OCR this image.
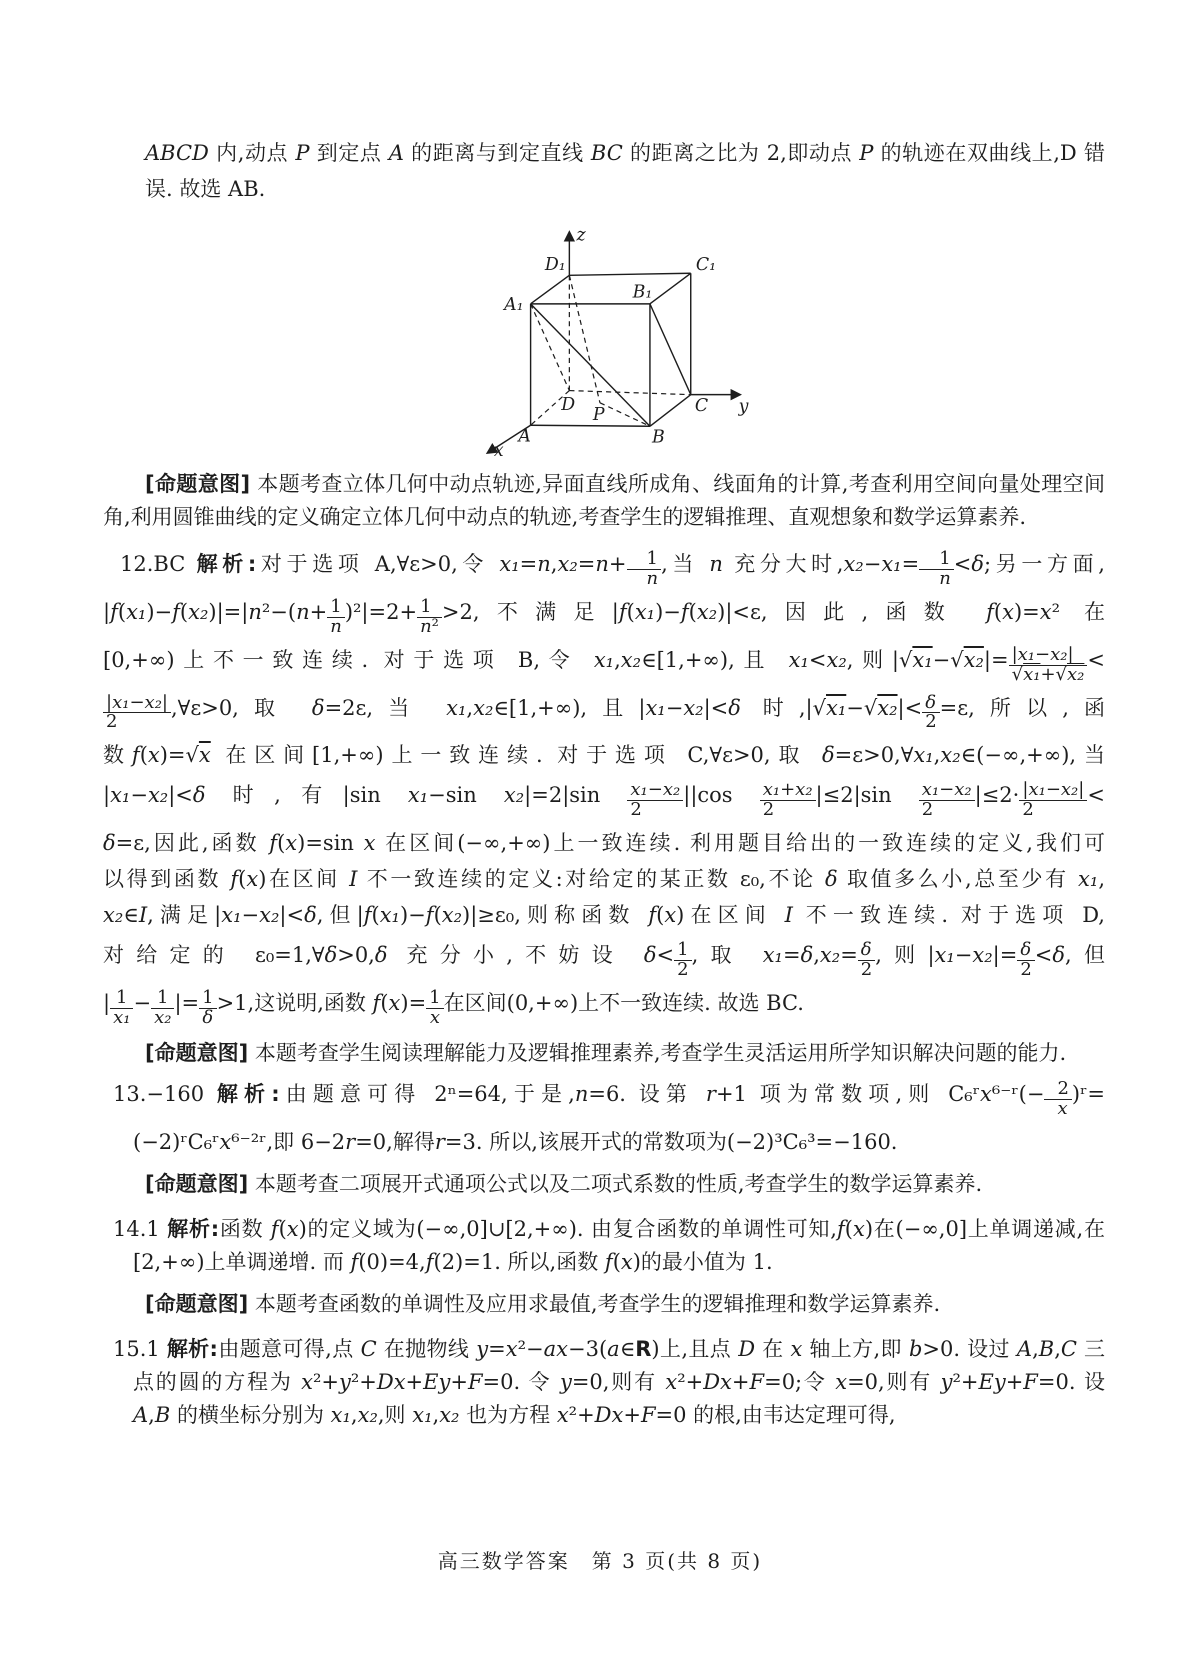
ABCD 内,动点 P 到定点 A 的距离与到定直线 BC 的距离之比为 2,即动点 P 的轨迹在双曲线上,D 错
误. 故选 AB.
A	B
C
D
P
A₁
B₁
C₁
D₁
x
y
z
[命题意图] 本题考查立体几何中动点轨迹,异面直线所成角、线面角的计算,考查利用空间向量处理空间角,利用圆锥曲线的定义确定立体几何中动点的轨迹,考查学生的逻辑推理、直观想象和数学运算素养.
12.BC 解析:对于选项 A,∀ε>0,令 $x_1=n,x_2=n+ \frac{1}{n}$ ,当 n 充分大时$,x_2-x_1= \frac{1}{n} <\delta$;另一方面,
$|f(x_1)-f(x_2)|=|n^2-(n+ \frac{1}{n} )^2|=2+ \frac{1}{\text{n²}} >2$,不满足|f(x₁)−f(x₂)|<ε,因此,函数 f(x)=x² 在
[0,+∞)上不一致连续. 对于选项 B,令 x₁,x₂∈[1,+∞),且 x₁<x₂,则$|√x_1-√x_2|= \frac{\text{|x₁−x₂|}}{\text{√x₁+√x₂}}$ <
$\frac{\text{|x₁−x₂|}}{2}$ ,∀ε>0,取 δ=2ε,当 x₁,x₂∈[1,+∞),且|x₁−x₂|<δ 时$,|√x_1-√x_2|< \frac{\delta}{2} =\varepsilon$,所以,函
数f(x)=√x 在区间[1,+∞)上一致连续. 对于选项 C,∀ε>0,取 δ=ε>0,∀x₁,x₂∈(−∞,+∞),当
|x₁−x₂|<δ 时,有|sin x₁−sin $x_2|=2|\sin \frac{\text{x₁−x₂}}{2} ||\cos \frac{\text{x₁+x₂}}{2} |\le 2|\sin \frac{\text{x₁−x₂}}{2} |\le 2\cdot \frac{\text{|x₁−x₂|}}{2}$ <
δ=ε,因此,函数 f(x)=sin x 在区间(−∞,+∞)上一致连续. 利用题目给出的一致连续的定义,我们可
以得到函数 f(x)在区间 I 不一致连续的定义:对给定的某正数 ε₀,不论 δ 取值多么小,总至少有 x₁,
x₂∈I,满足|x₁−x₂|<δ,但|f(x₁)−f(x₂)|≥ε₀,则称函数 f(x)在区间 I 不一致连续. 对于选项 D,
对给定的 ε₀=1,∀δ>0,δ 充分小,不妨设 $\delta< \frac{1}{2}$ ,取 $x_1=\delta,x_2= \frac{\delta}{2}$ ,则$|x_1-x_2|= \frac{\delta}{2} <\delta$,但
| $\frac{1}{\text{x₁}} - \frac{1}{\text{x₂}}$ |= $\frac{1}{\delta} >1$,这说明,函数 $f(x)= \frac{1}{x}$ 在区间(0,+∞)上不一致连续. 故选 BC.
[命题意图] 本题考查学生阅读理解能力及逻辑推理素养,考查学生灵活运用所学知识解决问题的能力.
13.−160 解析:由题意可得 2ⁿ=64,于是,n=6. 设第 r+1 项为常数项,则 C₆ʳx⁶⁻ʳ(− $\frac{2}{x}$ )ʳ=
(−2)ʳC₆ʳx⁶⁻²ʳ,即 6−2r=0,解得r=3. 所以,该展开式的常数项为(−2)³C₆³=−160.
[命题意图] 本题考查二项展开式通项公式以及二项式系数的性质,考查学生的数学运算素养.
14.1 解析:函数 f(x)的定义域为(−∞,0]∪[2,+∞). 由复合函数的单调性可知,f(x)在(−∞,0]上单调递减,在[2,+∞)上单调递增. 而 f(0)=4,f(2)=1. 所以,函数 f(x)的最小值为 1.
[命题意图] 本题考查函数的单调性及应用求最值,考查学生的逻辑推理和数学运算素养.
15.1 解析:由题意可得,点 C 在抛物线 y=x²−ax−3(a∈R)上,且点 D 在 x 轴上方,即 b>0. 设过 A,B,C 三点的圆的方程为 x²+y²+Dx+Ey+F=0. 令 y=0,则有 x²+Dx+F=0;令 x=0,则有 y²+Ey+F=0. 设 A,B 的横坐标分别为 x₁,x₂,则 x₁,x₂ 也为方程 x²+Dx+F=0 的根,由韦达定理可得,
高三数学答案　第 3 页(共 8 页)
